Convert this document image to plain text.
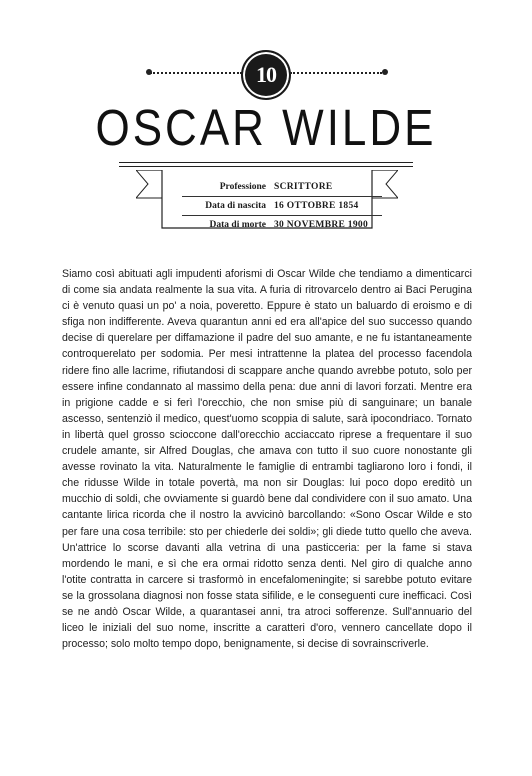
10
OSCAR WILDE
Professione SCRITTORE
Data di nascita 16 OTTOBRE 1854
Data di morte 30 NOVEMBRE 1900

Siamo così abituati agli impudenti aforismi di Oscar Wilde che tendiamo a dimenticarci di come sia andata realmente la sua vita. A furia di ritrovarcelo dentro ai Baci Perugina ci è venuto quasi un po' a noia, poveretto. Eppure è stato un baluardo di eroismo e di sfiga non indifferente. Aveva quarantun anni ed era all'apice del suo successo quando decise di querelare per diffamazione il padre del suo amante, e ne fu istantaneamente controquerelato per sodomia. Per mesi intrattenne la platea del processo facendola ridere fino alle lacrime, rifiutandosi di scappare anche quando avrebbe potuto, solo per essere infine condannato al massimo della pena: due anni di lavori forzati. Mentre era in prigione cadde e si ferì l'orecchio, che non smise più di sanguinare; un banale ascesso, sentenziò il medico, quest'uomo scoppia di salute, sarà ipocondriaco. Tornato in libertà quel grosso scioccone dall'orecchio acciaccato riprese a frequentare il suo crudele amante, sir Alfred Douglas, che amava con tutto il suo cuore nonostante gli avesse rovinato la vita. Naturalmente le famiglie di entrambi tagliarono loro i fondi, il che ridusse Wilde in totale povertà, ma non sir Douglas: lui poco dopo ereditò un mucchio di soldi, che ovviamente si guardò bene dal condividere con il suo amato. Una cantante lirica ricorda che il nostro la avvicinò barcollando: «Sono Oscar Wilde e sto per fare una cosa terribile: sto per chiederle dei soldi»; gli diede tutto quello che aveva. Un'attrice lo scorse davanti alla vetrina di una pasticceria: per la fame si stava mordendo le mani, e sì che era ormai ridotto senza denti. Nel giro di qualche anno l'otite contratta in carcere si trasformò in encefalomeningite; si sarebbe potuto evitare se la grossolana diagnosi non fosse stata sifilide, e le conseguenti cure inefficaci. Così se ne andò Oscar Wilde, a quarantasei anni, tra atroci sofferenze. Sull'annuario del liceo le iniziali del suo nome, inscritte a caratteri d'oro, vennero cancellate dopo il processo; solo molto tempo dopo, benignamente, si decise di sovrainscriverle.
